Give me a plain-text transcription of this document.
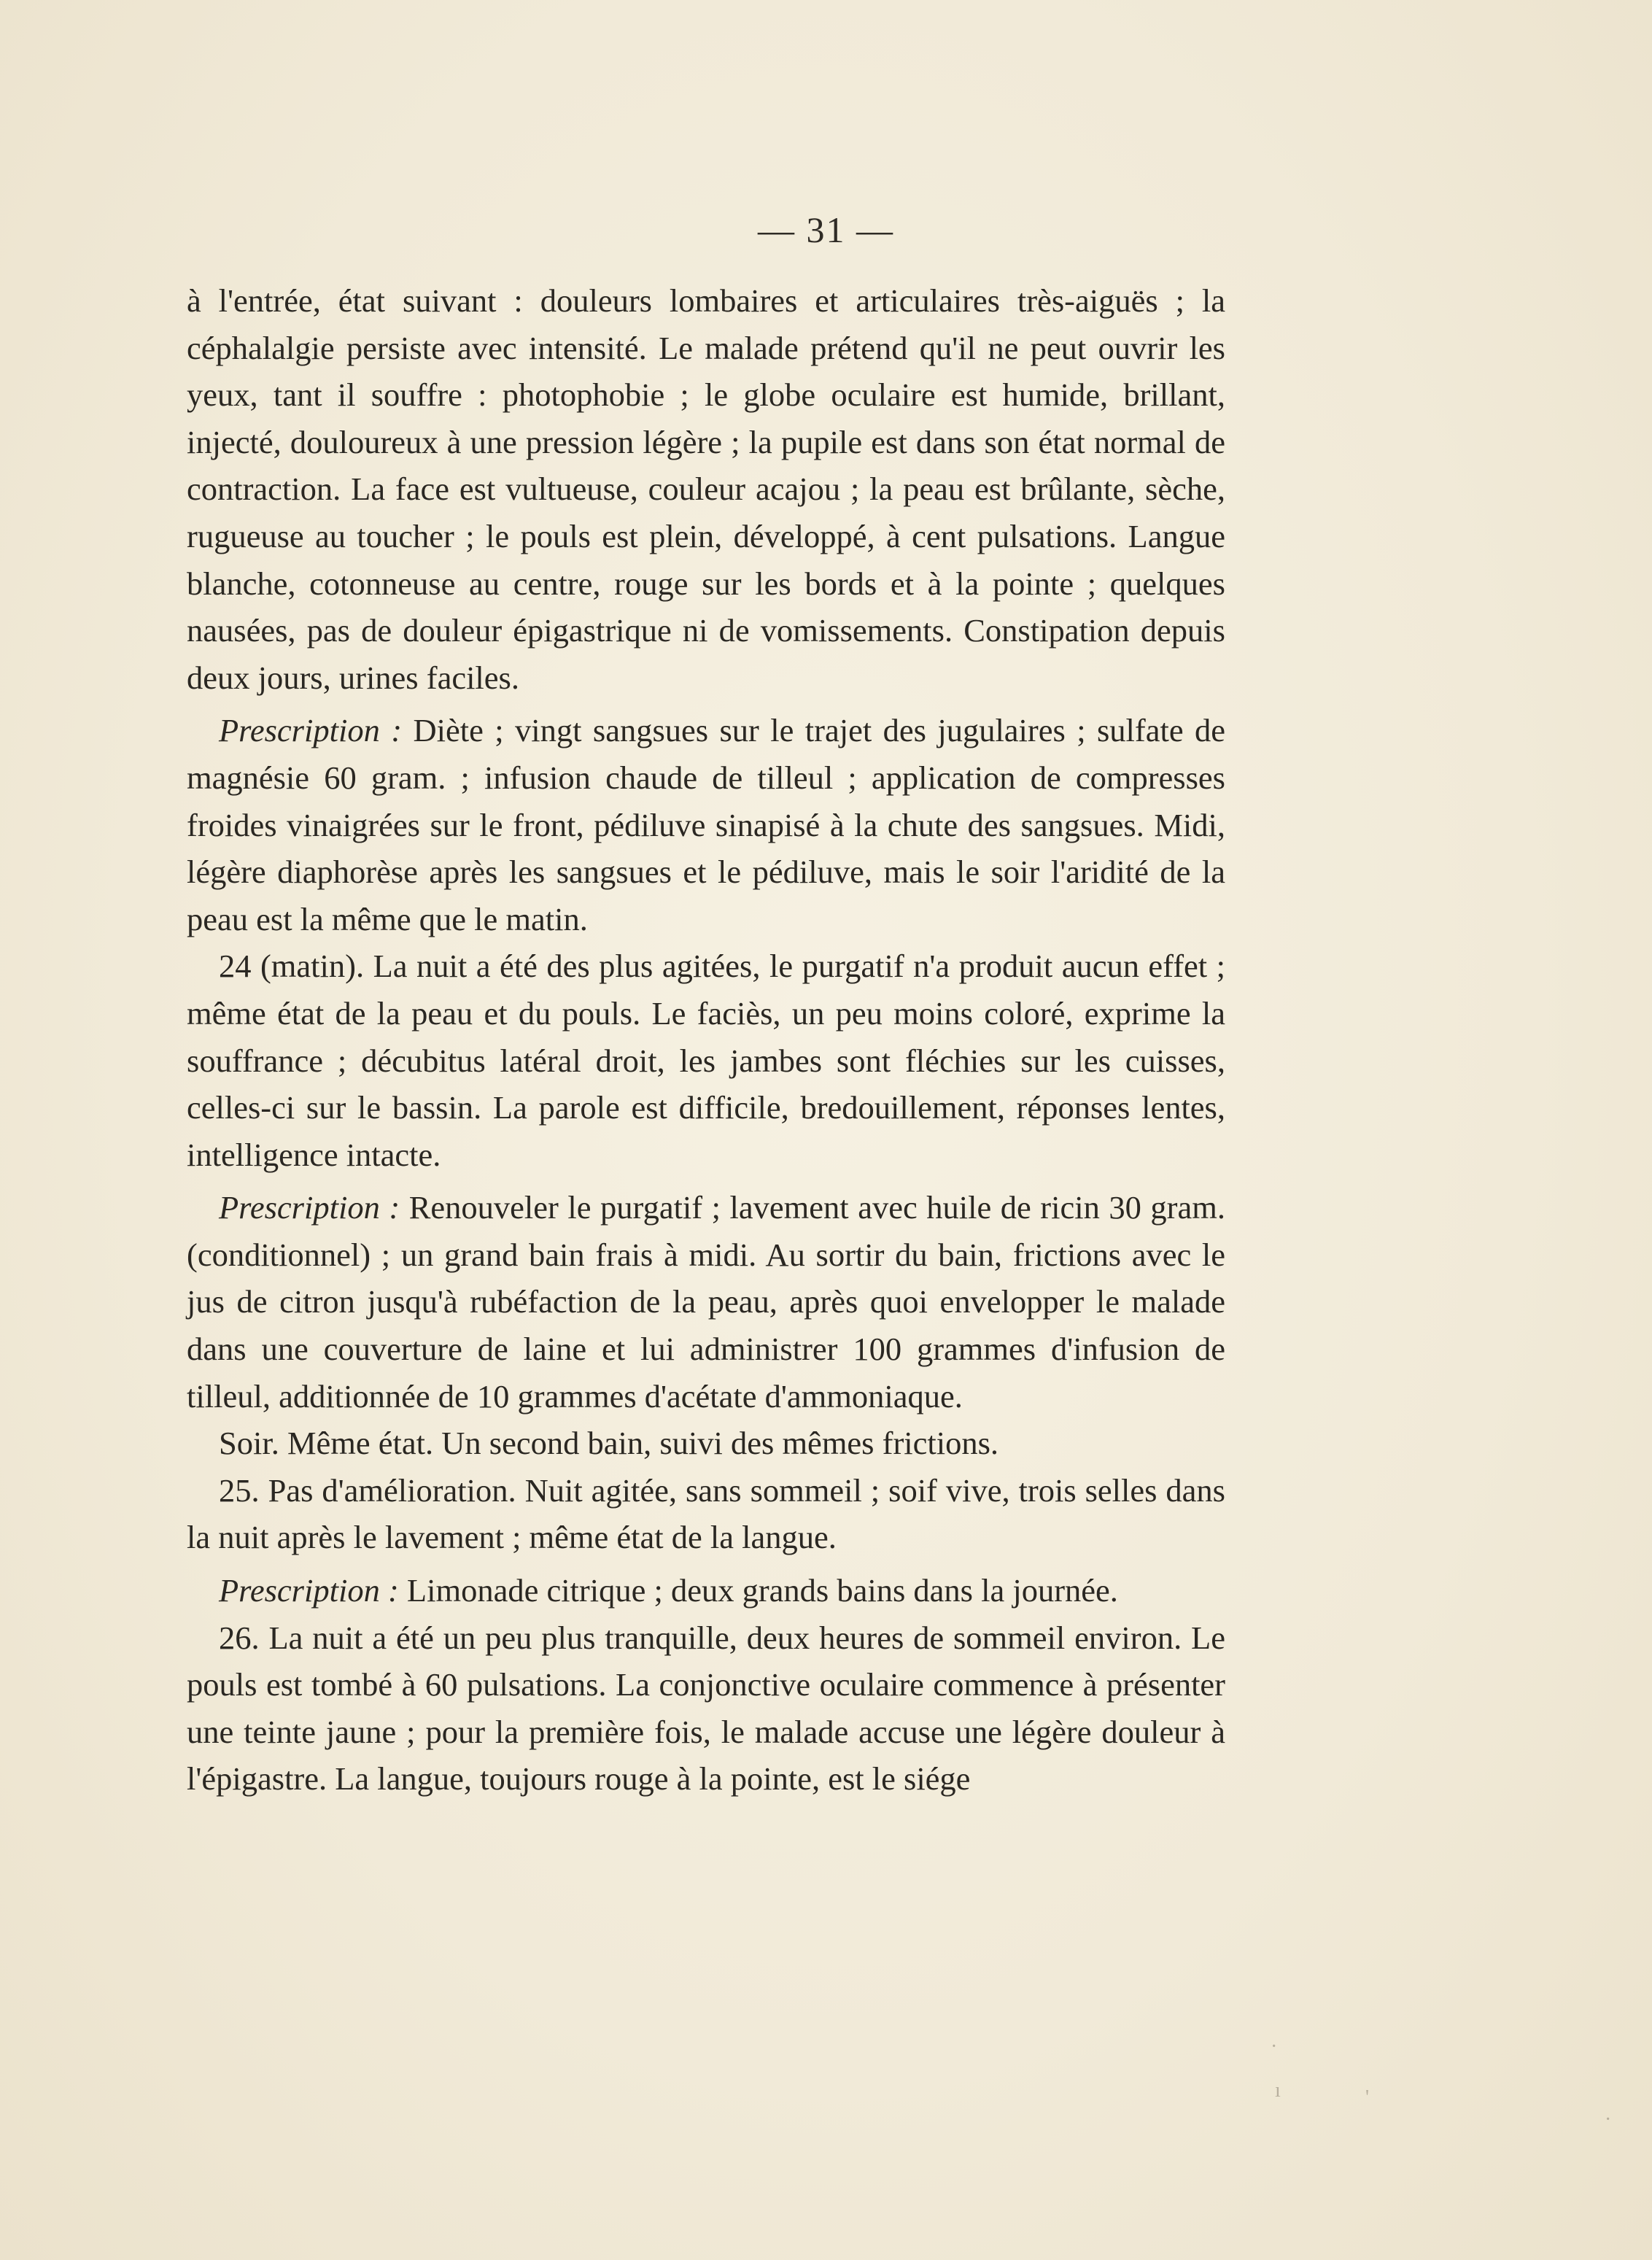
— 31 —

à l'entrée, état suivant : douleurs lombaires et articulaires très-aiguës ; la céphalalgie persiste avec intensité. Le malade prétend qu'il ne peut ouvrir les yeux, tant il souffre : photophobie ; le globe oculaire est humide, brillant, injecté, douloureux à une pression légère ; la pupile est dans son état normal de contraction. La face est vultueuse, couleur acajou ; la peau est brûlante, sèche, rugueuse au toucher ; le pouls est plein, développé, à cent pulsations. Langue blanche, cotonneuse au centre, rouge sur les bords et à la pointe ; quelques nausées, pas de douleur épigastrique ni de vomissements. Constipation depuis deux jours, urines faciles.

Prescription : Diète ; vingt sangsues sur le trajet des jugulaires ; sulfate de magnésie 60 gram. ; infusion chaude de tilleul ; application de compresses froides vinaigrées sur le front, pédiluve sinapisé à la chute des sangsues. Midi, légère diaphorèse après les sangsues et le pédiluve, mais le soir l'aridité de la peau est la même que le matin.

24 (matin). La nuit a été des plus agitées, le purgatif n'a produit aucun effet ; même état de la peau et du pouls. Le faciès, un peu moins coloré, exprime la souffrance ; décubitus latéral droit, les jambes sont fléchies sur les cuisses, celles-ci sur le bassin. La parole est difficile, bredouillement, réponses lentes, intelligence intacte.

Prescription : Renouveler le purgatif ; lavement avec huile de ricin 30 gram. (conditionnel) ; un grand bain frais à midi. Au sortir du bain, frictions avec le jus de citron jusqu'à rubéfaction de la peau, après quoi envelopper le malade dans une couverture de laine et lui administrer 100 grammes d'infusion de tilleul, additionnée de 10 grammes d'acétate d'ammoniaque.

Soir. Même état. Un second bain, suivi des mêmes frictions.

25. Pas d'amélioration. Nuit agitée, sans sommeil ; soif vive, trois selles dans la nuit après le lavement ; même état de la langue.

Prescription : Limonade citrique ; deux grands bains dans la journée.

26. La nuit a été un peu plus tranquille, deux heures de sommeil environ. Le pouls est tombé à 60 pulsations. La conjonctive oculaire commence à présenter une teinte jaune ; pour la première fois, le malade accuse une légère douleur à l'épigastre. La langue, toujours rouge à la pointe, est le siége

·
ı	'
·
